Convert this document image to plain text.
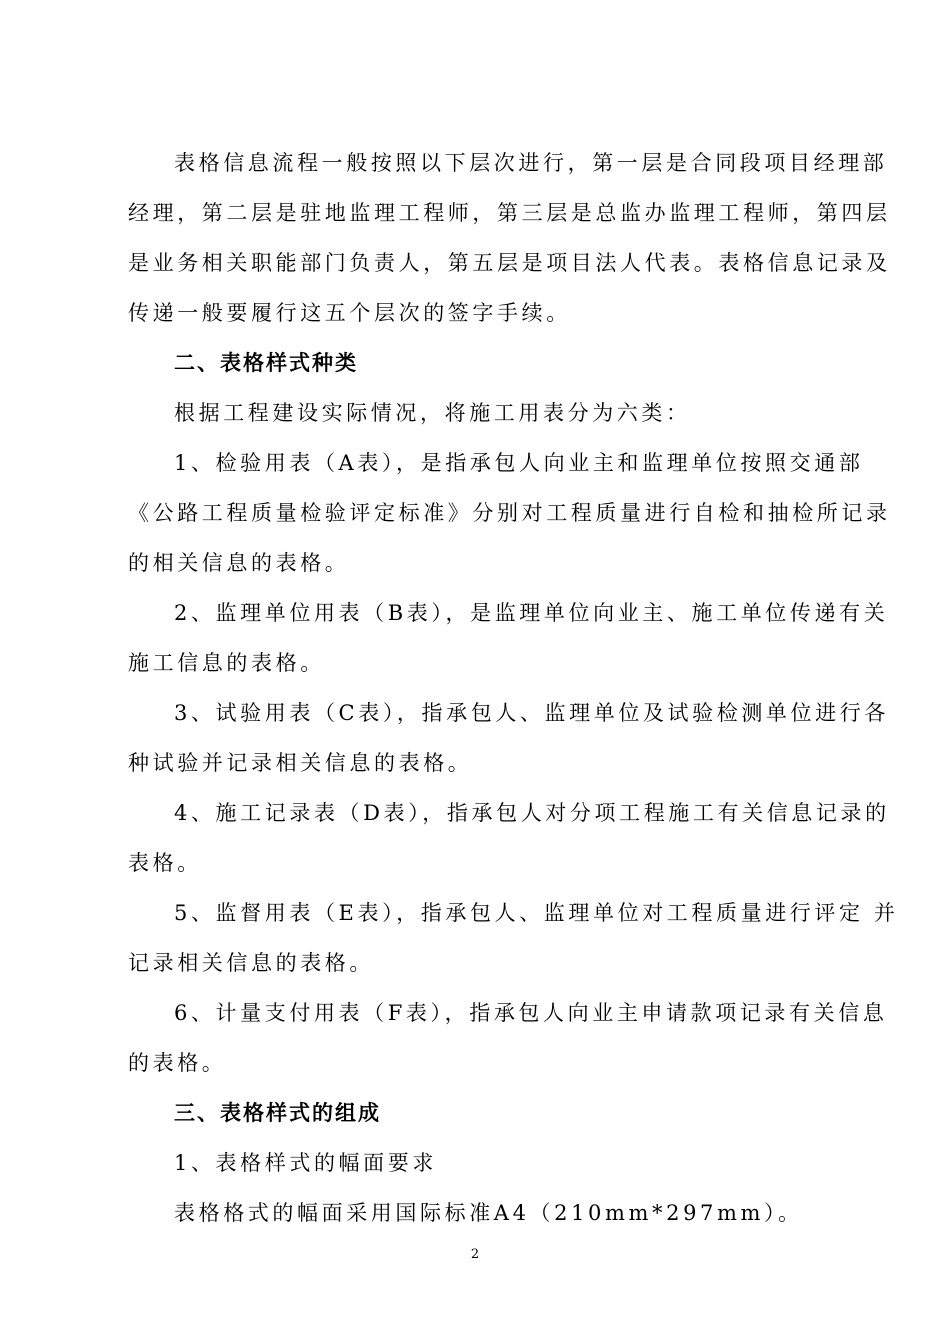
表格信息流程一般按照以下层次进行，第一层是合同段项目经理部
经理，第二层是驻地监理工程师，第三层是总监办监理工程师，第四层
是业务相关职能部门负责人，第五层是项目法人代表。表格信息记录及
传递一般要履行这五个层次的签字手续。
二、表格样式种类
根据工程建设实际情况，将施工用表分为六类：
1、检验用表（A表），是指承包人向业主和监理单位按照交通部
《公路工程质量检验评定标准》分别对工程质量进行自检和抽检所记录
的相关信息的表格。
2、监理单位用表（B表），是监理单位向业主、施工单位传递有关
施工信息的表格。
3、试验用表（C表），指承包人、监理单位及试验检测单位进行各
种试验并记录相关信息的表格。
4、施工记录表（D表），指承包人对分项工程施工有关信息记录的
表格。
5、监督用表（E表），指承包人、监理单位对工程质量进行评定 并
记录相关信息的表格。
6、计量支付用表（F表），指承包人向业主申请款项记录有关信息
的表格。
三、表格样式的组成
1、表格样式的幅面要求
表格格式的幅面采用国际标准A4（210mm*297mm）。
2
